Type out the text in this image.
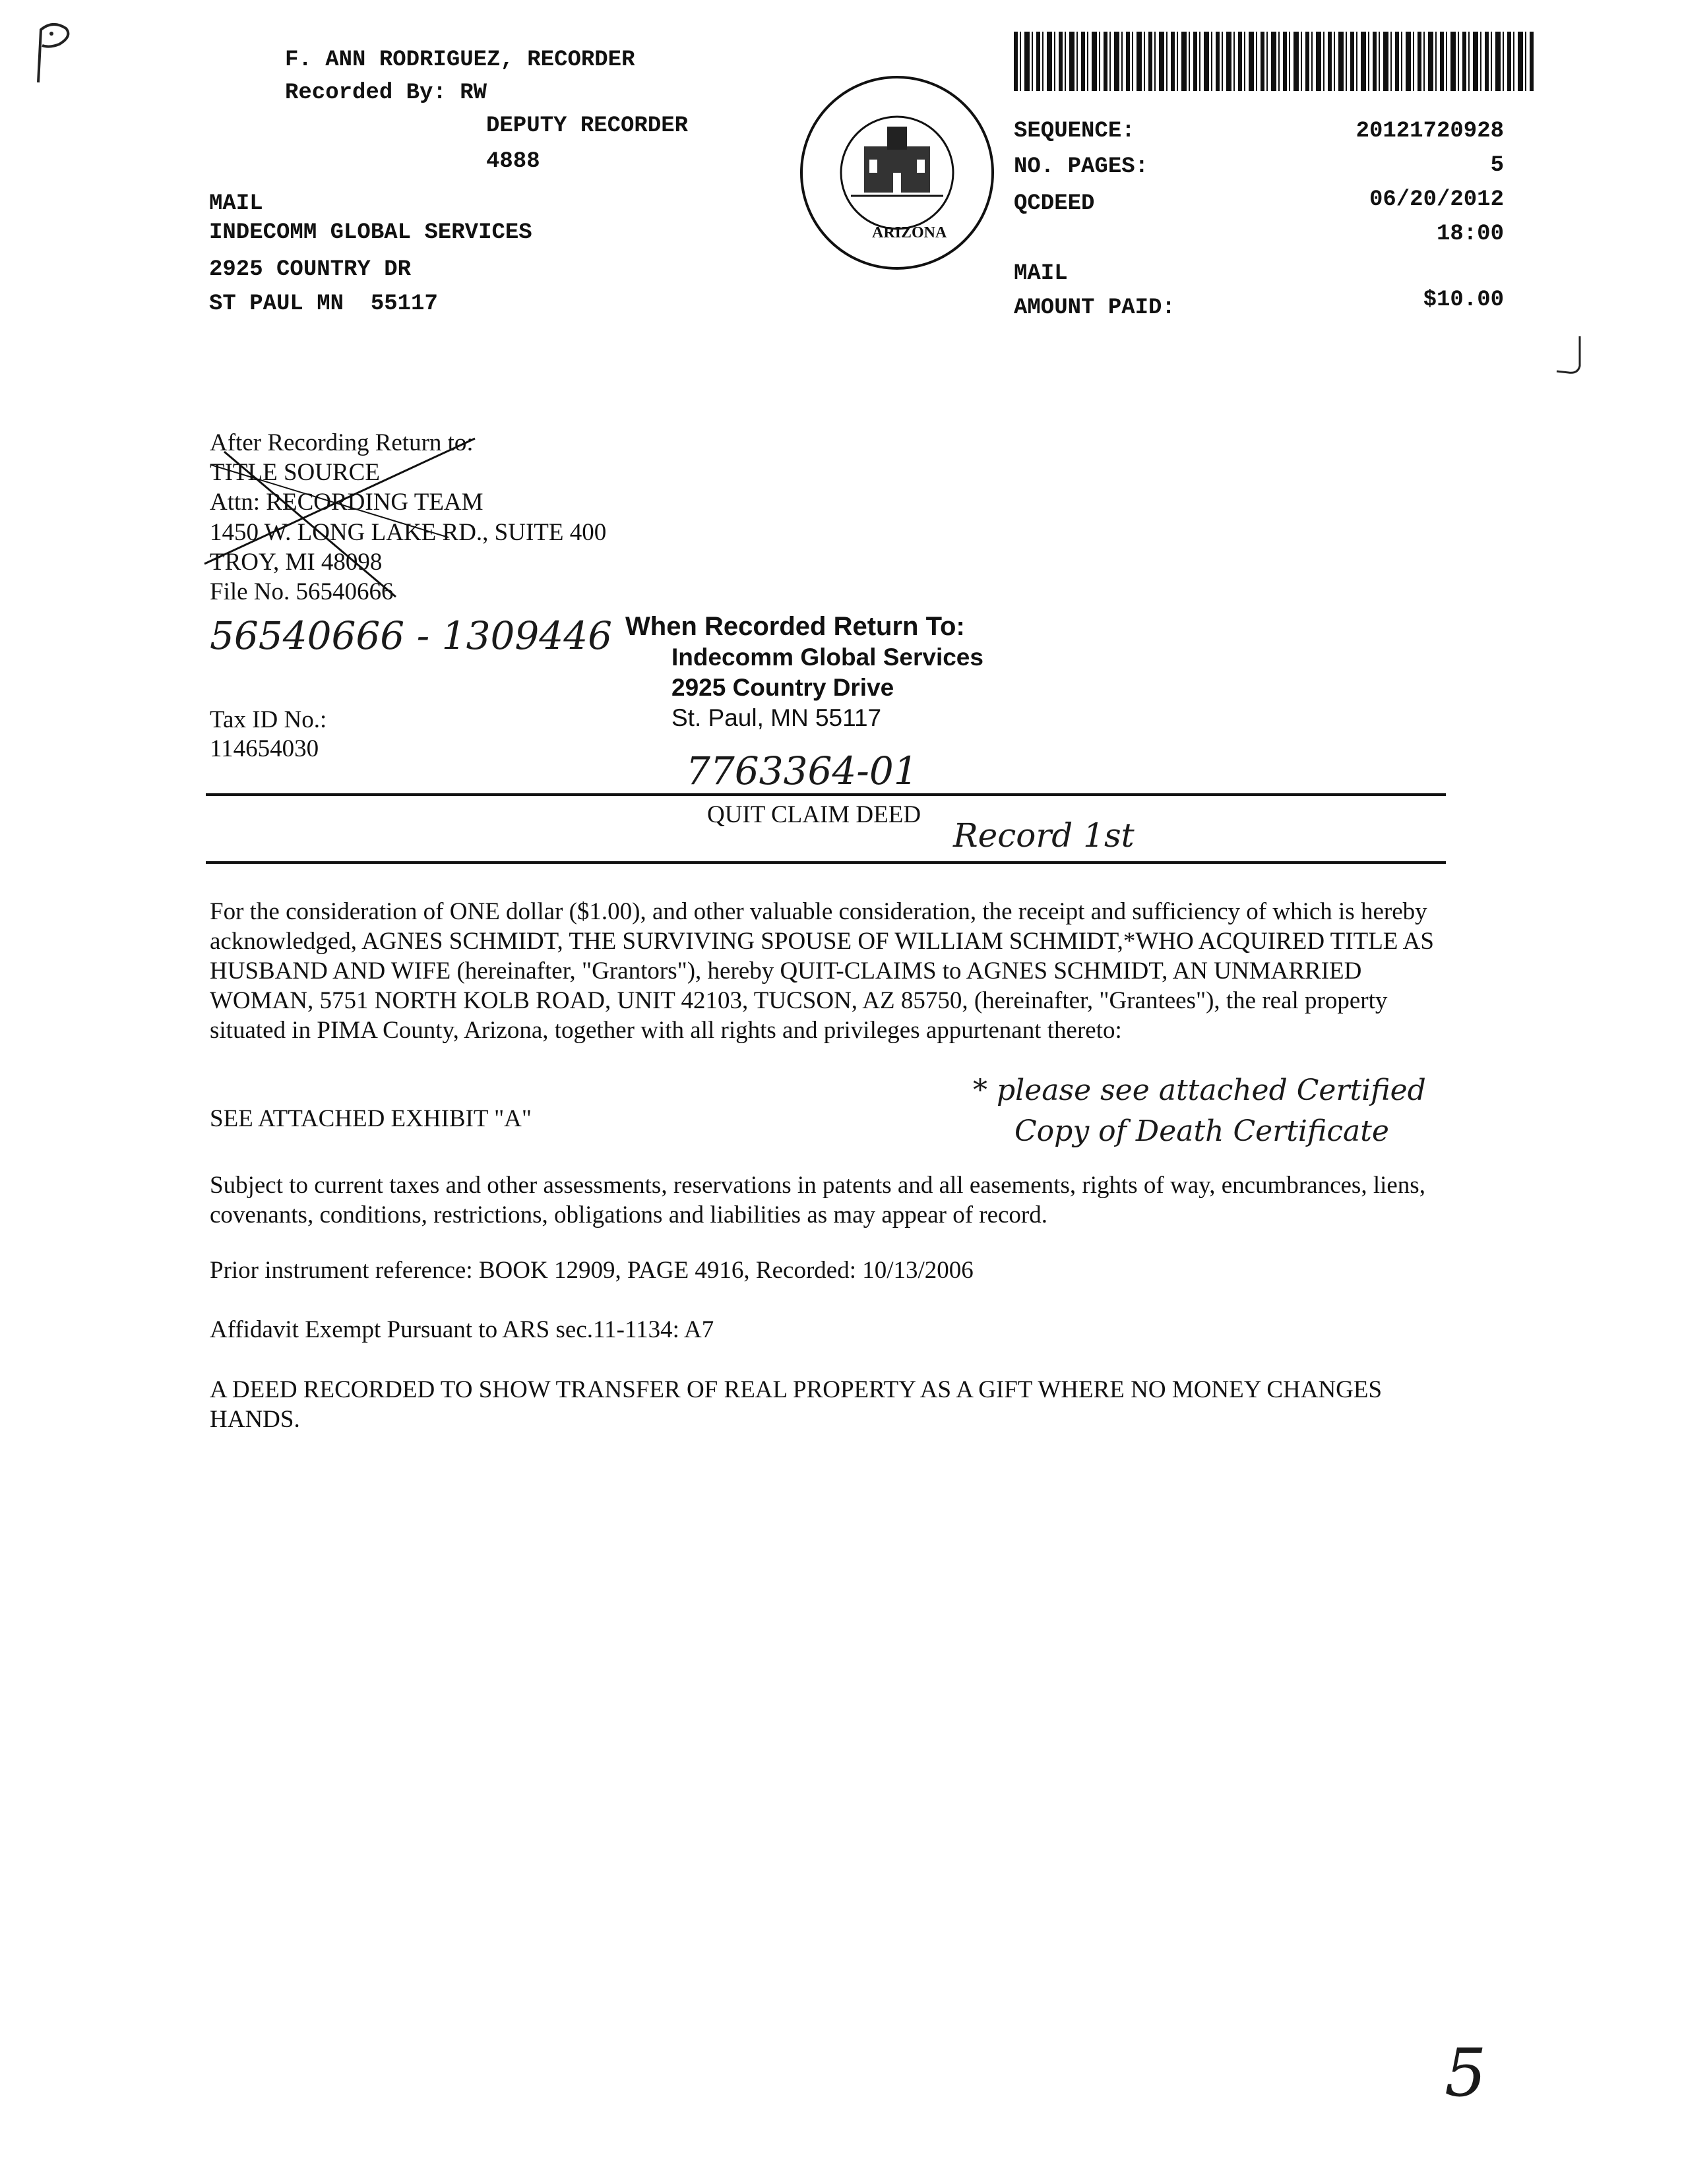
F. ANN RODRIGUEZ, RECORDER
Recorded By: RW
DEPUTY RECORDER
4888
MAIL
INDECOMM GLOBAL SERVICES
2925 COUNTRY DR
ST PAUL MN  55117
ARIZONA
SEQUENCE:	20121720928
NO. PAGES:	5
QCDEED	06/20/2012
18:00
MAIL
AMOUNT PAID:	$10.00
After Recording Return to:
TITLE SOURCE
Attn: RECORDING TEAM
1450 W. LONG LAKE RD., SUITE 400
TROY, MI 48098
File No. 56540666
56540666 - 1309446 When Recorded Return To:
Indecomm Global Services
2925 Country Drive
St. Paul, MN 55117
Tax ID No.:
114654030	7763364-01
QUIT CLAIM DEED
Record 1st

For the consideration of ONE dollar ($1.00), and other valuable consideration, the receipt and sufficiency of which is hereby acknowledged, AGNES SCHMIDT, THE SURVIVING SPOUSE OF WILLIAM SCHMIDT,*WHO ACQUIRED TITLE AS HUSBAND AND WIFE (hereinafter, "Grantors"), hereby QUIT-CLAIMS to AGNES SCHMIDT, AN UNMARRIED WOMAN, 5751 NORTH KOLB ROAD, UNIT 42103, TUCSON, AZ 85750, (hereinafter, "Grantees"), the real property situated in PIMA County, Arizona, together with all rights and privileges appurtenant thereto:

SEE ATTACHED EXHIBIT "A"
* please see attached Certified
Copy of Death Certificate

Subject to current taxes and other assessments, reservations in patents and all easements, rights of way, encumbrances, liens, covenants, conditions, restrictions, obligations and liabilities as may appear of record.

Prior instrument reference: BOOK 12909, PAGE 4916, Recorded: 10/13/2006
Affidavit Exempt Pursuant to ARS sec.11-1134: A7

A DEED RECORDED TO SHOW TRANSFER OF REAL PROPERTY AS A GIFT WHERE NO MONEY CHANGES HANDS.

5
